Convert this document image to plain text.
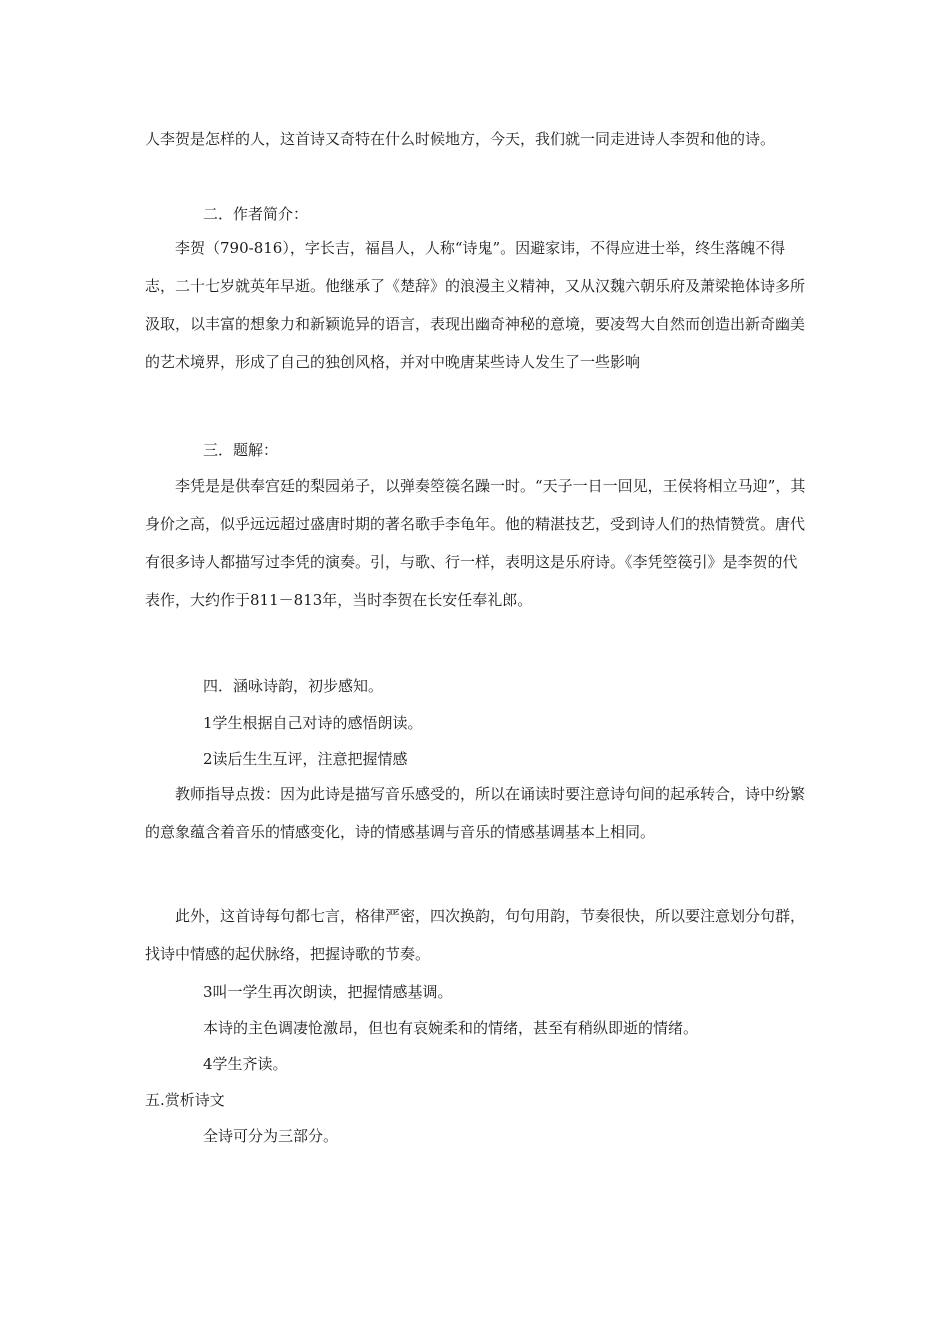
人李贺是怎样的人，这首诗又奇特在什么时候地方，今天，我们就一同走进诗人李贺和他的诗。

二．作者简介：

李贺（790-816），字长吉，福昌人，人称“诗鬼”。因避家讳，不得应进士举，终生落魄不得志，二十七岁就英年早逝。他继承了《楚辞》的浪漫主义精神，又从汉魏六朝乐府及萧梁艳体诗多所汲取，以丰富的想象力和新颖诡异的语言，表现出幽奇神秘的意境，要凌驾大自然而创造出新奇幽美的艺术境界，形成了自己的独创风格，并对中晚唐某些诗人发生了一些影响

三．题解：

李凭是是供奉宫廷的梨园弟子，以弹奏箜篌名躁一时。“天子一日一回见，王侯将相立马迎”，其身价之高，似乎远远超过盛唐时期的著名歌手李龟年。他的精湛技艺，受到诗人们的热情赞赏。唐代有很多诗人都描写过李凭的演奏。引，与歌、行一样，表明这是乐府诗。《李凭箜篌引》是李贺的代表作，大约作于811－813年，当时李贺在长安任奉礼郎。

四．涵咏诗韵，初步感知。

1学生根据自己对诗的感悟朗读。

2读后生生互评，注意把握情感

教师指导点拨：因为此诗是描写音乐感受的，所以在诵读时要注意诗句间的起承转合，诗中纷繁的意象蕴含着音乐的情感变化，诗的情感基调与音乐的情感基调基本上相同。

此外，这首诗每句都七言，格律严密，四次换韵，句句用韵，节奏很快，所以要注意划分句群，找诗中情感的起伏脉络，把握诗歌的节奏。

3叫一学生再次朗读，把握情感基调。

本诗的主色调凄怆激昂，但也有哀婉柔和的情绪，甚至有稍纵即逝的情绪。

4学生齐读。

五.赏析诗文

全诗可分为三部分。
